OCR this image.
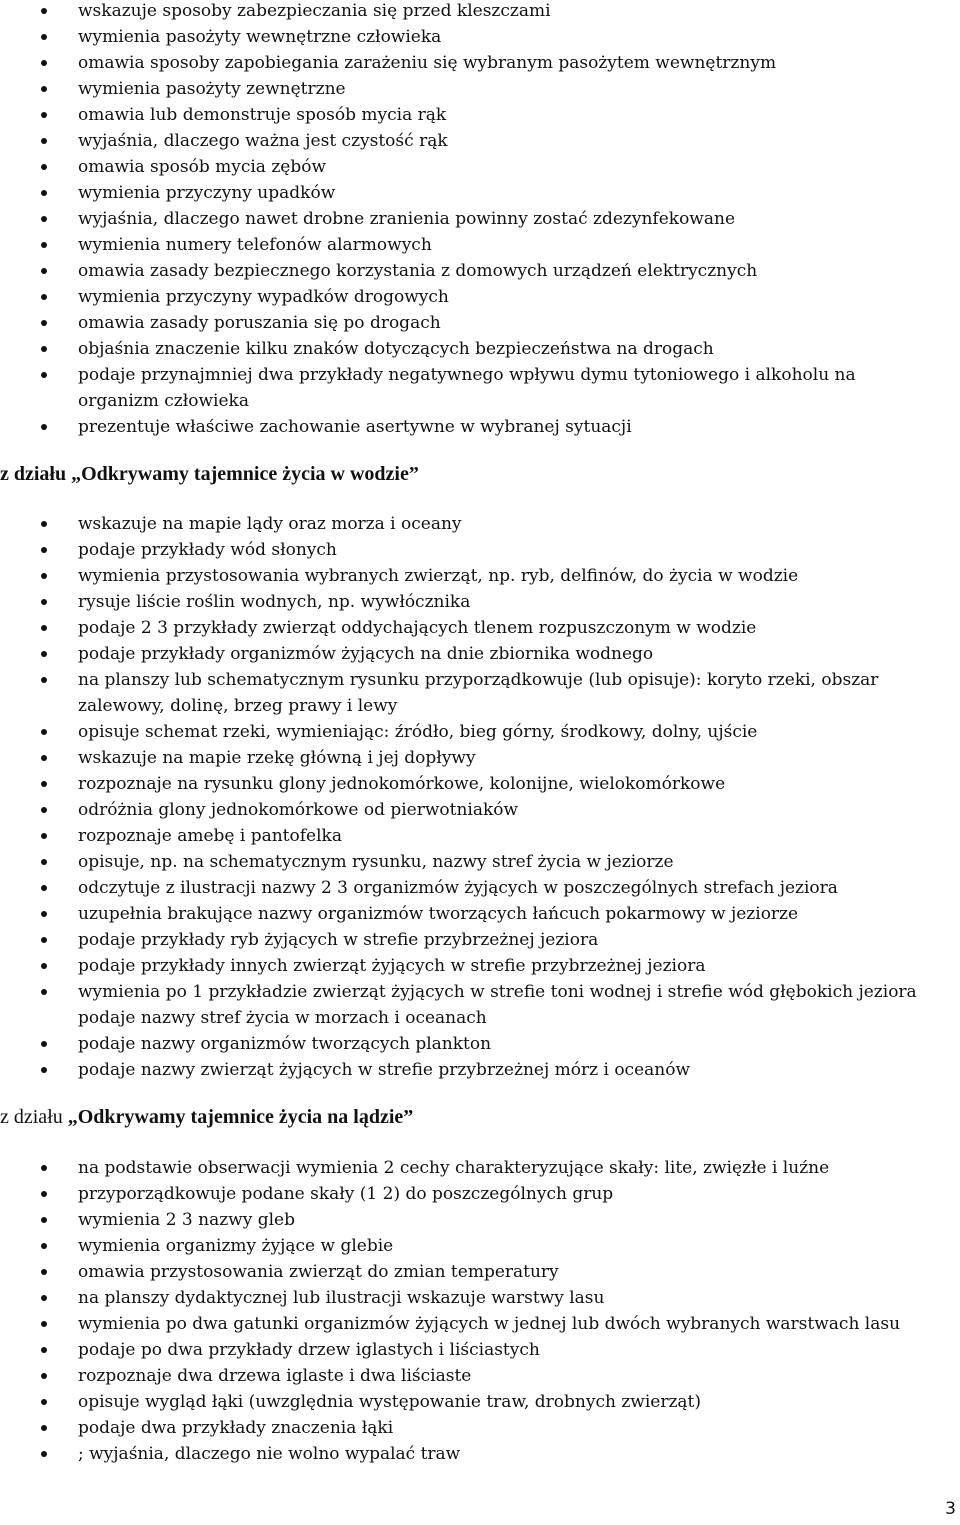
wskazuje sposoby zabezpieczania się przed kleszczami
wymienia pasożyty wewnętrzne człowieka
omawia sposoby zapobiegania zarażeniu się wybranym pasożytem wewnętrznym
wymienia pasożyty zewnętrzne
omawia lub demonstruje sposób mycia rąk
wyjaśnia, dlaczego ważna jest czystość rąk
omawia sposób mycia zębów
wymienia przyczyny upadków
wyjaśnia, dlaczego nawet drobne zranienia powinny zostać zdezynfekowane
wymienia numery telefonów alarmowych
omawia zasady bezpiecznego korzystania z domowych urządzeń elektrycznych
wymienia przyczyny wypadków drogowych
omawia zasady poruszania się po drogach
objaśnia znaczenie kilku znaków dotyczących bezpieczeństwa na drogach
podaje przynajmniej dwa przykłady negatywnego wpływu dymu tytoniowego i alkoholu na organizm człowieka
prezentuje właściwe zachowanie asertywne w wybranej sytuacji
z działu „Odkrywamy tajemnice życia w wodzie”
wskazuje na mapie lądy oraz morza i oceany
podaje przykłady wód słonych
wymienia przystosowania wybranych zwierząt, np. ryb, delfinów, do życia w wodzie
rysuje liście roślin wodnych, np. wywłócznika
podaje 2 3 przykłady zwierząt oddychających tlenem rozpuszczonym w wodzie
podaje przykłady organizmów żyjących na dnie zbiornika wodnego
na planszy lub schematycznym rysunku przyporządkowuje (lub opisuje): koryto rzeki, obszar zalewowy, dolinę, brzeg prawy i lewy
opisuje schemat rzeki, wymieniając: źródło, bieg górny, środkowy, dolny, ujście
wskazuje na mapie rzekę główną i jej dopływy
rozpoznaje na rysunku glony jednokomórkowe, kolonijne, wielokomórkowe
odróżnia glony jednokomórkowe od pierwotniaków
rozpoznaje amebę i pantofelka
opisuje, np. na schematycznym rysunku, nazwy stref życia w jeziorze
odczytuje z ilustracji nazwy 2 3 organizmów żyjących w poszczególnych strefach jeziora
uzupełnia brakujące nazwy organizmów tworzących łańcuch pokarmowy w jeziorze
podaje przykłady ryb żyjących w strefie przybrzeżnej jeziora
podaje przykłady innych zwierząt żyjących w strefie przybrzeżnej jeziora
wymienia po 1 przykładzie zwierząt żyjących w strefie toni wodnej i strefie wód głębokich jeziora podaje nazwy stref życia w morzach i oceanach
podaje nazwy organizmów tworzących plankton
podaje nazwy zwierząt żyjących w strefie przybrzeżnej mórz i oceanów
z działu „Odkrywamy tajemnice życia na lądzie”
na podstawie obserwacji wymienia 2 cechy charakteryzujące skały: lite, zwięzłe i luźne
przyporządkowuje podane skały (1 2) do poszczególnych grup
wymienia 2 3 nazwy gleb
wymienia organizmy żyjące w glebie
omawia przystosowania zwierząt do zmian temperatury
na planszy dydaktycznej lub ilustracji wskazuje warstwy lasu
wymienia po dwa gatunki organizmów żyjących w jednej lub dwóch wybranych warstwach lasu
podaje po dwa przykłady drzew iglastych i liściastych
rozpoznaje dwa drzewa iglaste i dwa liściaste
opisuje wygląd łąki (uwzględnia występowanie traw, drobnych zwierząt)
podaje dwa przykłady znaczenia łąki
; wyjaśnia, dlaczego nie wolno wypalać traw
3
